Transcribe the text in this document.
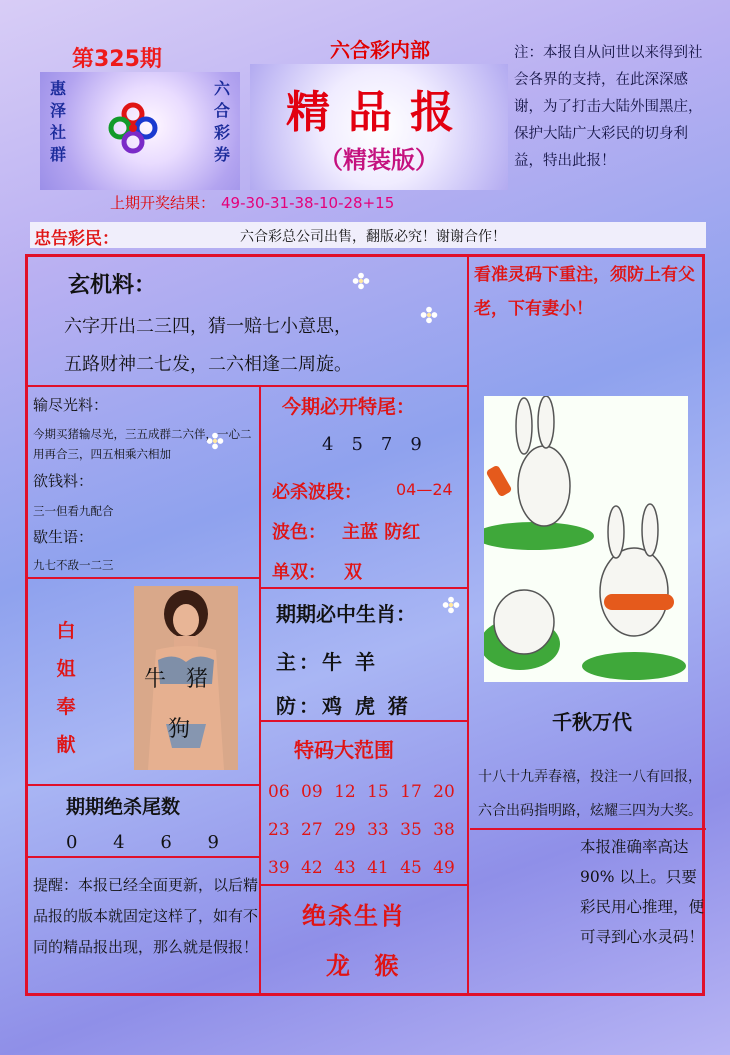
第325期
惠
泽
社
群
六
合
彩
券
六合彩内部
精品报
（精装版）
注：本报自从问世以来得到社会各界的支持，在此深深感谢，为了打击大陆外围黑庄，保护大陆广大彩民的切身利益，特出此报！
上期开奖结果： 49-30-31-38-10-28+15
忠告彩民：	六合彩总公司出售，翻版必究！谢谢合作！
玄机料：
六字开出二三四，猜一赔七小意思，
五路财神二七发，二六相逢二周旋。
看准灵码下重注，须防上有父老，下有妻小！
输尽光料：
今期买猪输尽光，三五成群二六伴，一心二用再合三，四五相乘六相加
欲钱料：
三一但看九配合
歇生语：
九七不敌一二三
今期必开特尾：
4579
必杀波段： 04—24
波色： 主蓝 防红
单双： 双
期期必中生肖：
主：牛 羊
防：鸡 虎 猪
特码大范围
06 09 12 15 17 20
23 27 29 33 35 38
39 42 43 41 45 49
绝杀生肖
龙 猴
白
姐
奉
献
牛 猪
狗
期期绝杀尾数
0 4 6 9
提醒：本报已经全面更新，以后精品报的版本就固定这样了，如有不同的精品报出现，那么就是假报！
千秋万代
十八十九弄春禧，投注一八有回报，六合出码指明路，炫耀三四为大奖。
本报准确率高达 90% 以上。只要彩民用心推理，便可寻到心水灵码！
